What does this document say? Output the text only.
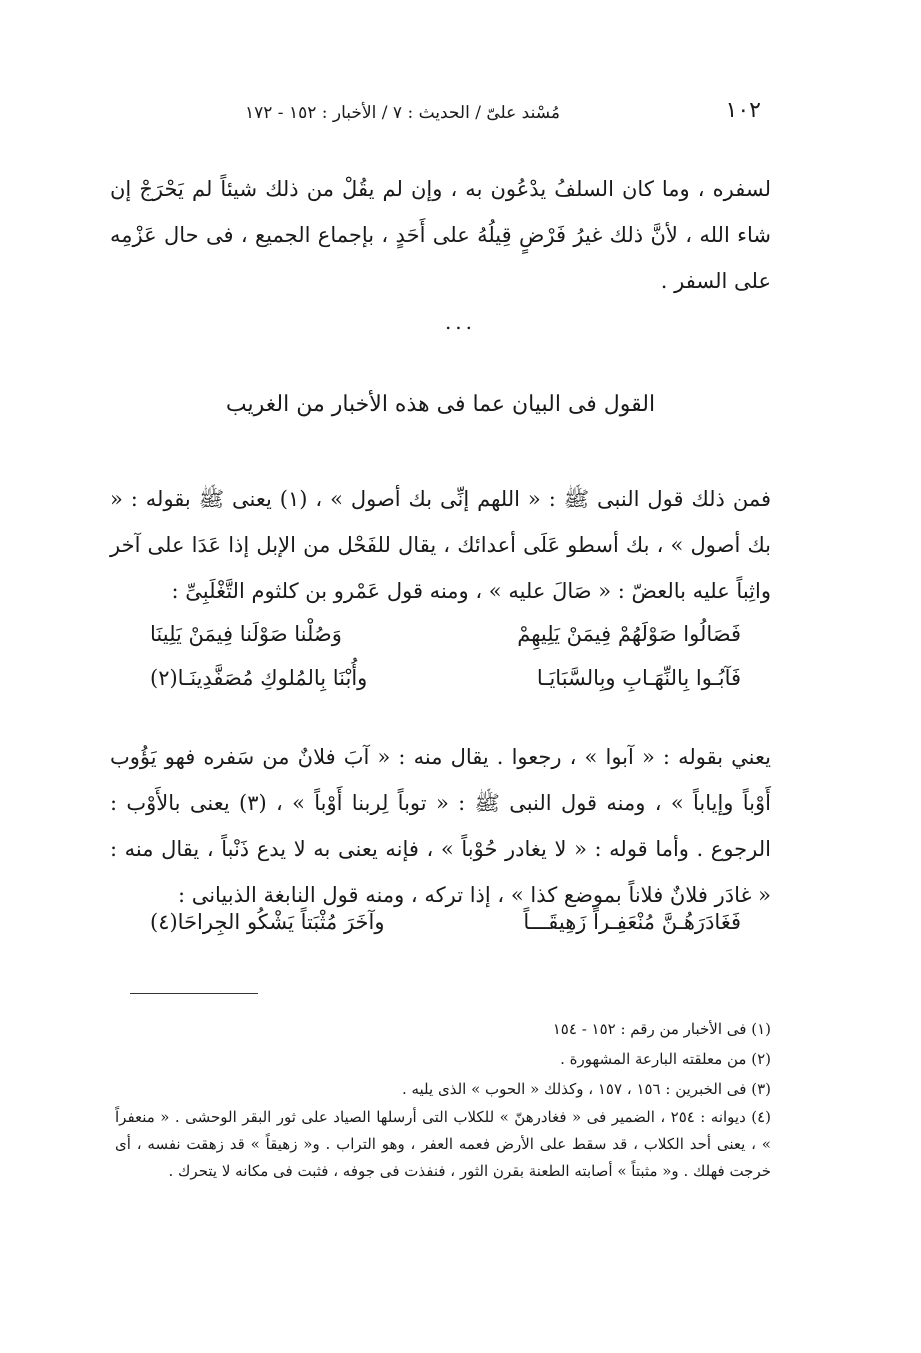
١٠٢
مُسْند علىّ / الحديث : ٧ / الأخبار : ١٥٢ - ١٧٢

لسفره ، وما كان السلفُ يدْعُون به ، وإن لم يقُلْ من ذلك شيئاً لم يَحْرَجْ إن شاء الله ، لأنَّ ذلك غيرُ فَرْضٍ قِيلُهُ على أَحَدٍ ، بإجماع الجميع ، فى حال عَزْمِه على السفر .

...
القول فى البيان عما فى هذه الأخبار من الغريب

فمن ذلك قول النبى ﷺ : « اللهم إنِّى بك أصول » ، (١) يعنى ﷺ بقوله : « بك أصول » ، بك أسطو عَلَى أعدائك ، يقال للفَحْل من الإبل إذا عَدَا على آخر واثِباً عليه بالعضّ : « صَالَ عليه » ، ومنه قول عَمْرو بن كلثوم التَّغْلَبِىِّ :

فَصَالُوا صَوْلَهُمْ فِيمَنْ يَلِيهِمْ
وَصُلْنا صَوْلَنا فِيمَنْ يَلِينَا
فَآبُـوا بِالنِّهَـابِ وبِالسَّبَايَـا
وأُبْنَا بِالمُلوكِ مُصَفَّدِينَـا(٢)

يعني بقوله : « آبوا » ، رجعوا . يقال منه : « آبَ فلانٌ من سَفره فهو يَؤُوب أَوْباً وإياباً » ، ومنه قول النبى ﷺ : « توباً لِربنا أَوْباً » ، (٣) يعنى بالأَوْب : الرجوع . وأما قوله : « لا يغادر حُوْباً » ، فإنه يعنى به لا يدع ذَنْباً ، يقال منه : « غادَر فلانٌ فلاناً بموضع كذا » ، إذا تركه ، ومنه قول النابغة الذبيانى :

فَغَادَرَهُـنَّ مُنْعَفِـراً زَهِيقَـــاً
وآخَرَ مُثْبَتاً يَشْكُو الجِراحَا(٤)
(١) فى الأخبار من رقم : ١٥٢ - ١٥٤
(٢) من معلقته البارعة المشهورة .
(٣) فى الخبرين : ١٥٦ ، ١٥٧ ، وكذلك « الحوب » الذى يليه .
(٤) ديوانه : ٢٥٤ ، الضمير فى « فغادرهنّ » للكلاب التى أرسلها الصياد على ثور البقر الوحشى . « منعفراً » ، يعنى أحد الكلاب ، قد سقط على الأرض فعمه العفر ، وهو التراب . و« زهيقاً » قد زهقت نفسه ، أى خرجت فهلك . و« مثبتاً » أصابته الطعنة بقرن الثور ، فنفذت فى جوفه ، فثبت فى مكانه لا يتحرك .
